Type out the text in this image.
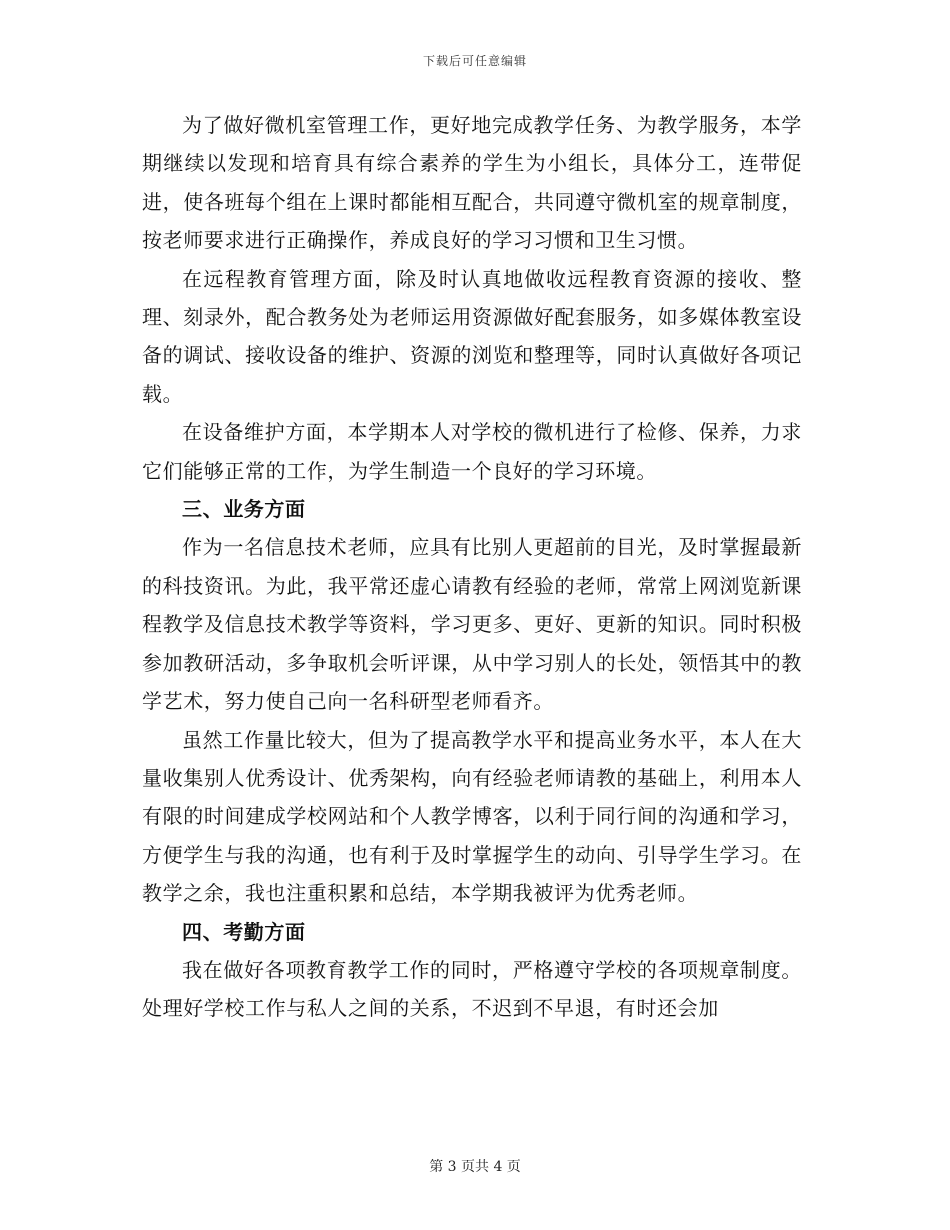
下载后可任意编辑

为了做好微机室管理工作，更好地完成教学任务、为教学服务，本学期继续以发现和培育具有综合素养的学生为小组长，具体分工，连带促进，使各班每个组在上课时都能相互配合，共同遵守微机室的规章制度，按老师要求进行正确操作，养成良好的学习习惯和卫生习惯。

在远程教育管理方面，除及时认真地做收远程教育资源的接收、整理、刻录外，配合教务处为老师运用资源做好配套服务，如多媒体教室设备的调试、接收设备的维护、资源的浏览和整理等，同时认真做好各项记载。

在设备维护方面，本学期本人对学校的微机进行了检修、保养，力求它们能够正常的工作，为学生制造一个良好的学习环境。

三、业务方面

作为一名信息技术老师，应具有比别人更超前的目光，及时掌握最新的科技资讯。为此，我平常还虚心请教有经验的老师，常常上网浏览新课程教学及信息技术教学等资料，学习更多、更好、更新的知识。同时积极参加教研活动，多争取机会听评课，从中学习别人的长处，领悟其中的教学艺术，努力使自己向一名科研型老师看齐。

虽然工作量比较大，但为了提高教学水平和提高业务水平，本人在大量收集别人优秀设计、优秀架构，向有经验老师请教的基础上，利用本人有限的时间建成学校网站和个人教学博客，以利于同行间的沟通和学习，方便学生与我的沟通，也有利于及时掌握学生的动向、引导学生学习。在教学之余，我也注重积累和总结，本学期我被评为优秀老师。

四、考勤方面

我在做好各项教育教学工作的同时，严格遵守学校的各项规章制度。处理好学校工作与私人之间的关系，不迟到不早退，有时还会加

第 3 页共 4 页
